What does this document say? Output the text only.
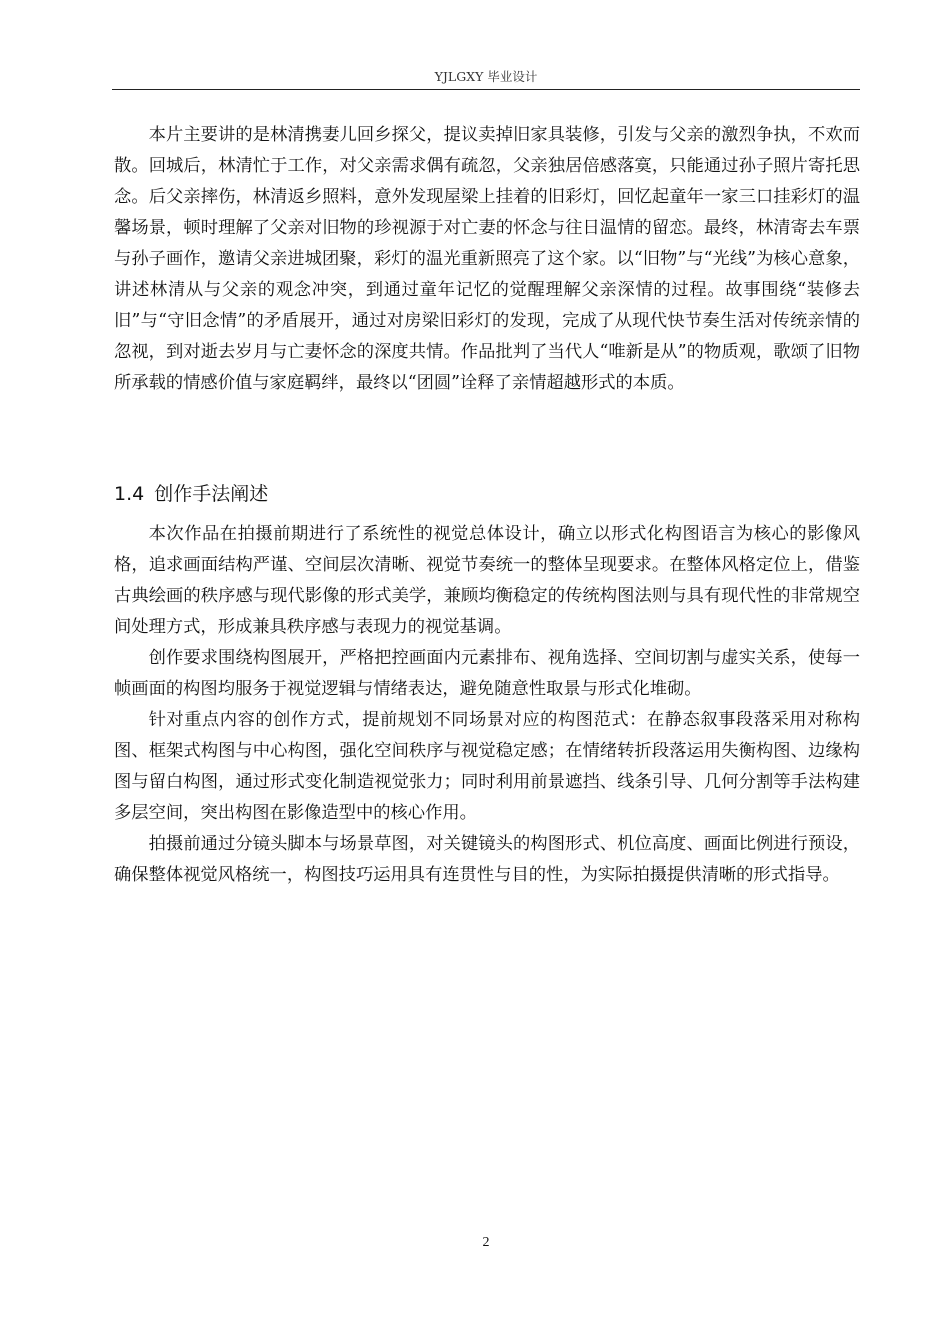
YJLGXY 毕业设计

本片主要讲的是林清携妻儿回乡探父，提议卖掉旧家具装修，引发与父亲的激烈争执，不欢而散。回城后，林清忙于工作，对父亲需求偶有疏忽，父亲独居倍感落寞，只能通过孙子照片寄托思念。后父亲摔伤，林清返乡照料，意外发现屋梁上挂着的旧彩灯，回忆起童年一家三口挂彩灯的温馨场景，顿时理解了父亲对旧物的珍视源于对亡妻的怀念与往日温情的留恋。最终，林清寄去车票与孙子画作，邀请父亲进城团聚，彩灯的温光重新照亮了这个家。以“旧物”与“光线”为核心意象，讲述林清从与父亲的观念冲突，到通过童年记忆的觉醒理解父亲深情的过程。故事围绕“装修去旧”与“守旧念情”的矛盾展开，通过对房梁旧彩灯的发现，完成了从现代快节奏生活对传统亲情的忽视，到对逝去岁月与亡妻怀念的深度共情。作品批判了当代人“唯新是从”的物质观，歌颂了旧物所承载的情感价值与家庭羁绊，最终以“团圆”诠释了亲情超越形式的本质。

1.4 创作手法阐述

本次作品在拍摄前期进行了系统性的视觉总体设计，确立以形式化构图语言为核心的影像风格，追求画面结构严谨、空间层次清晰、视觉节奏统一的整体呈现要求。在整体风格定位上，借鉴古典绘画的秩序感与现代影像的形式美学，兼顾均衡稳定的传统构图法则与具有现代性的非常规空间处理方式，形成兼具秩序感与表现力的视觉基调。

创作要求围绕构图展开，严格把控画面内元素排布、视角选择、空间切割与虚实关系，使每一帧画面的构图均服务于视觉逻辑与情绪表达，避免随意性取景与形式化堆砌。

针对重点内容的创作方式，提前规划不同场景对应的构图范式：在静态叙事段落采用对称构图、框架式构图与中心构图，强化空间秩序与视觉稳定感；在情绪转折段落运用失衡构图、边缘构图与留白构图，通过形式变化制造视觉张力；同时利用前景遮挡、线条引导、几何分割等手法构建多层空间，突出构图在影像造型中的核心作用。

拍摄前通过分镜头脚本与场景草图，对关键镜头的构图形式、机位高度、画面比例进行预设，确保整体视觉风格统一，构图技巧运用具有连贯性与目的性，为实际拍摄提供清晰的形式指导。

2
